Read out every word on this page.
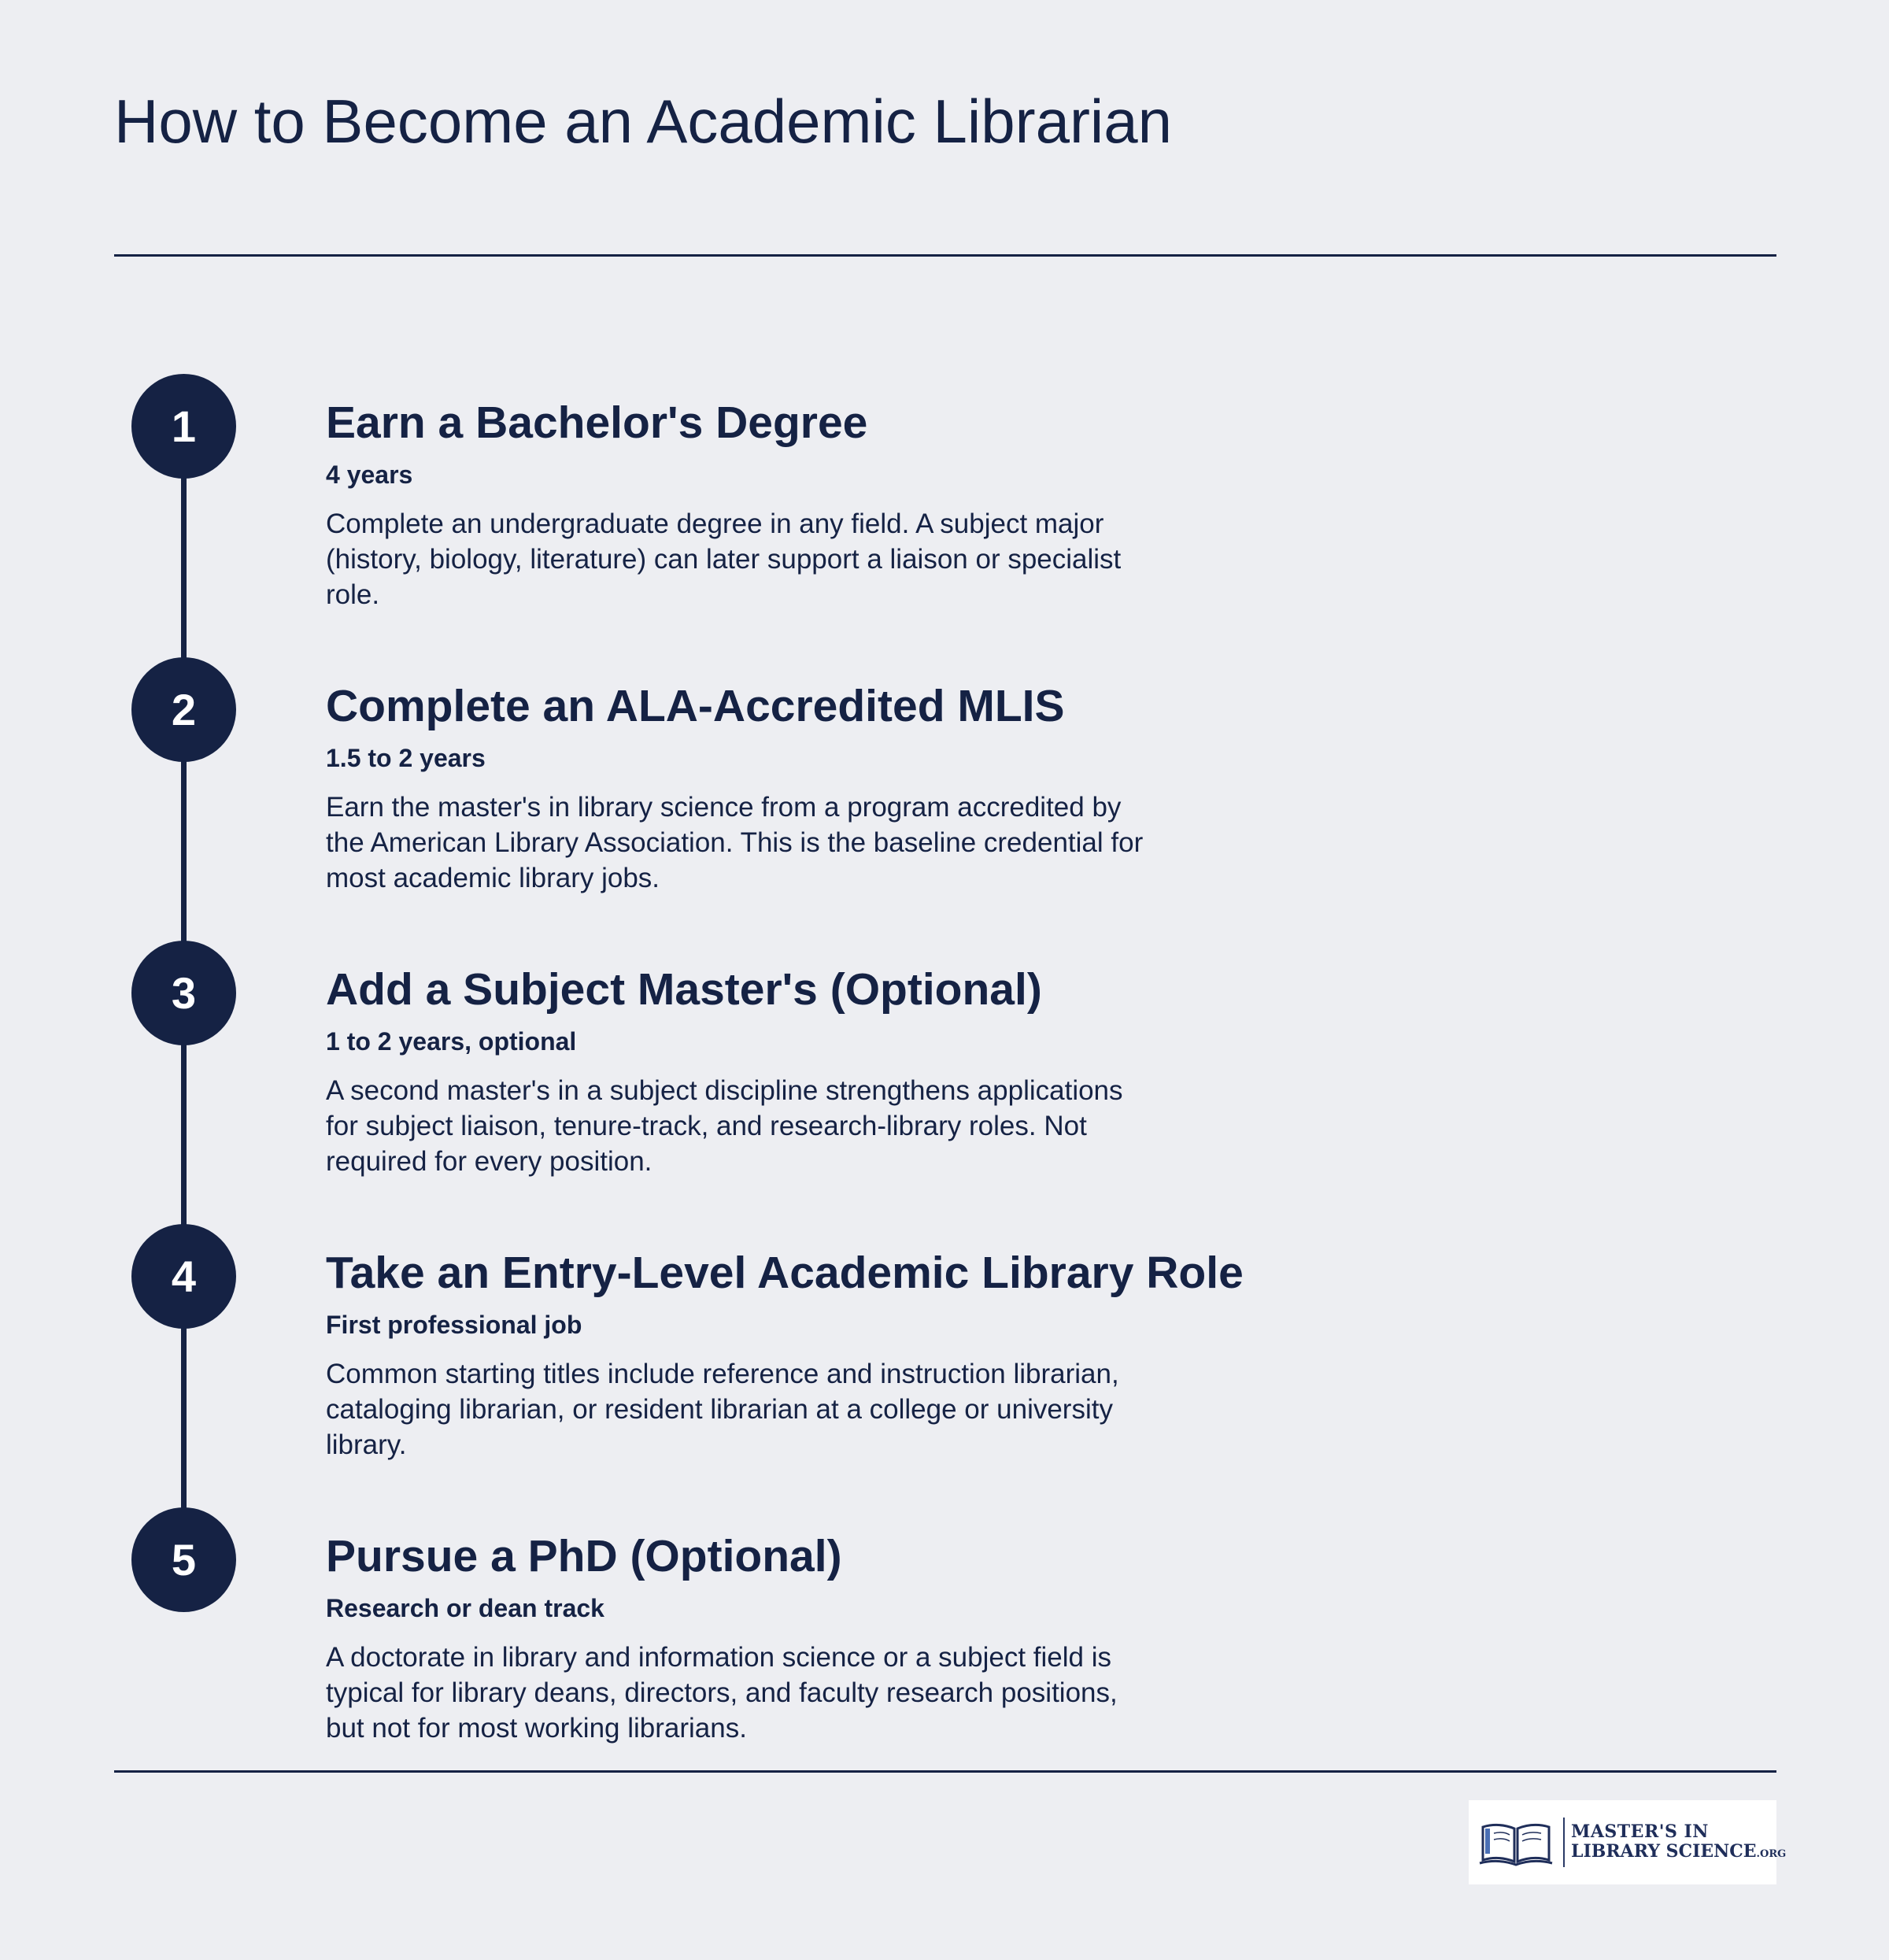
How to Become an Academic Librarian
1	Earn a Bachelor's Degree
4 years

Complete an undergraduate degree in any field. A subject major (history, biology, literature) can later support a liaison or specialist role.

2	Complete an ALA-Accredited MLIS
1.5 to 2 years

Earn the master's in library science from a program accredited by the American Library Association. This is the baseline credential for most academic library jobs.

3	Add a Subject Master's (Optional)
1 to 2 years, optional

A second master's in a subject discipline strengthens applications for subject liaison, tenure-track, and research-library roles. Not required for every position.

4	Take an Entry-Level Academic Library Role
First professional job

Common starting titles include reference and instruction librarian, cataloging librarian, or resident librarian at a college or university library.

5	Pursue a PhD (Optional)
Research or dean track

A doctorate in library and information science or a subject field is typical for library deans, directors, and faculty research positions, but not for most working librarians.

MASTER'S IN
LIBRARY SCIENCE.ORG
